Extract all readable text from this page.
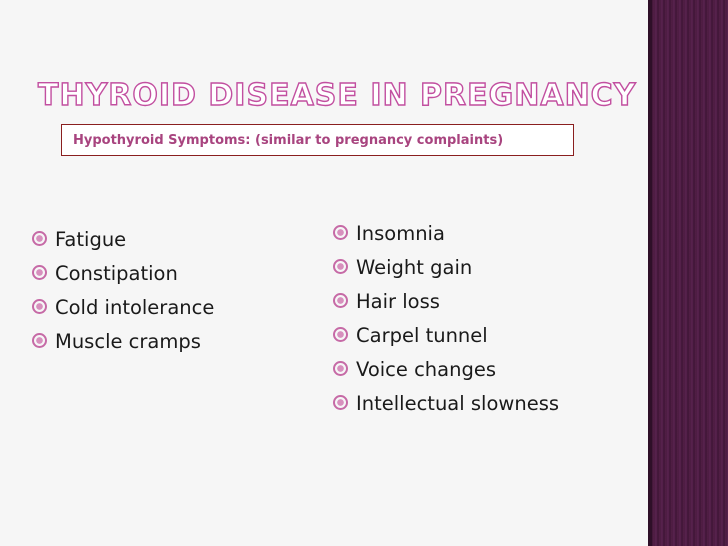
THYROID DISEASE IN PREGNANCY
Hypothyroid Symptoms: (similar to pregnancy complaints)
Fatigue
Constipation
Cold intolerance
Muscle cramps
Insomnia
Weight gain
Hair loss
Carpel tunnel
Voice changes
Intellectual slowness
